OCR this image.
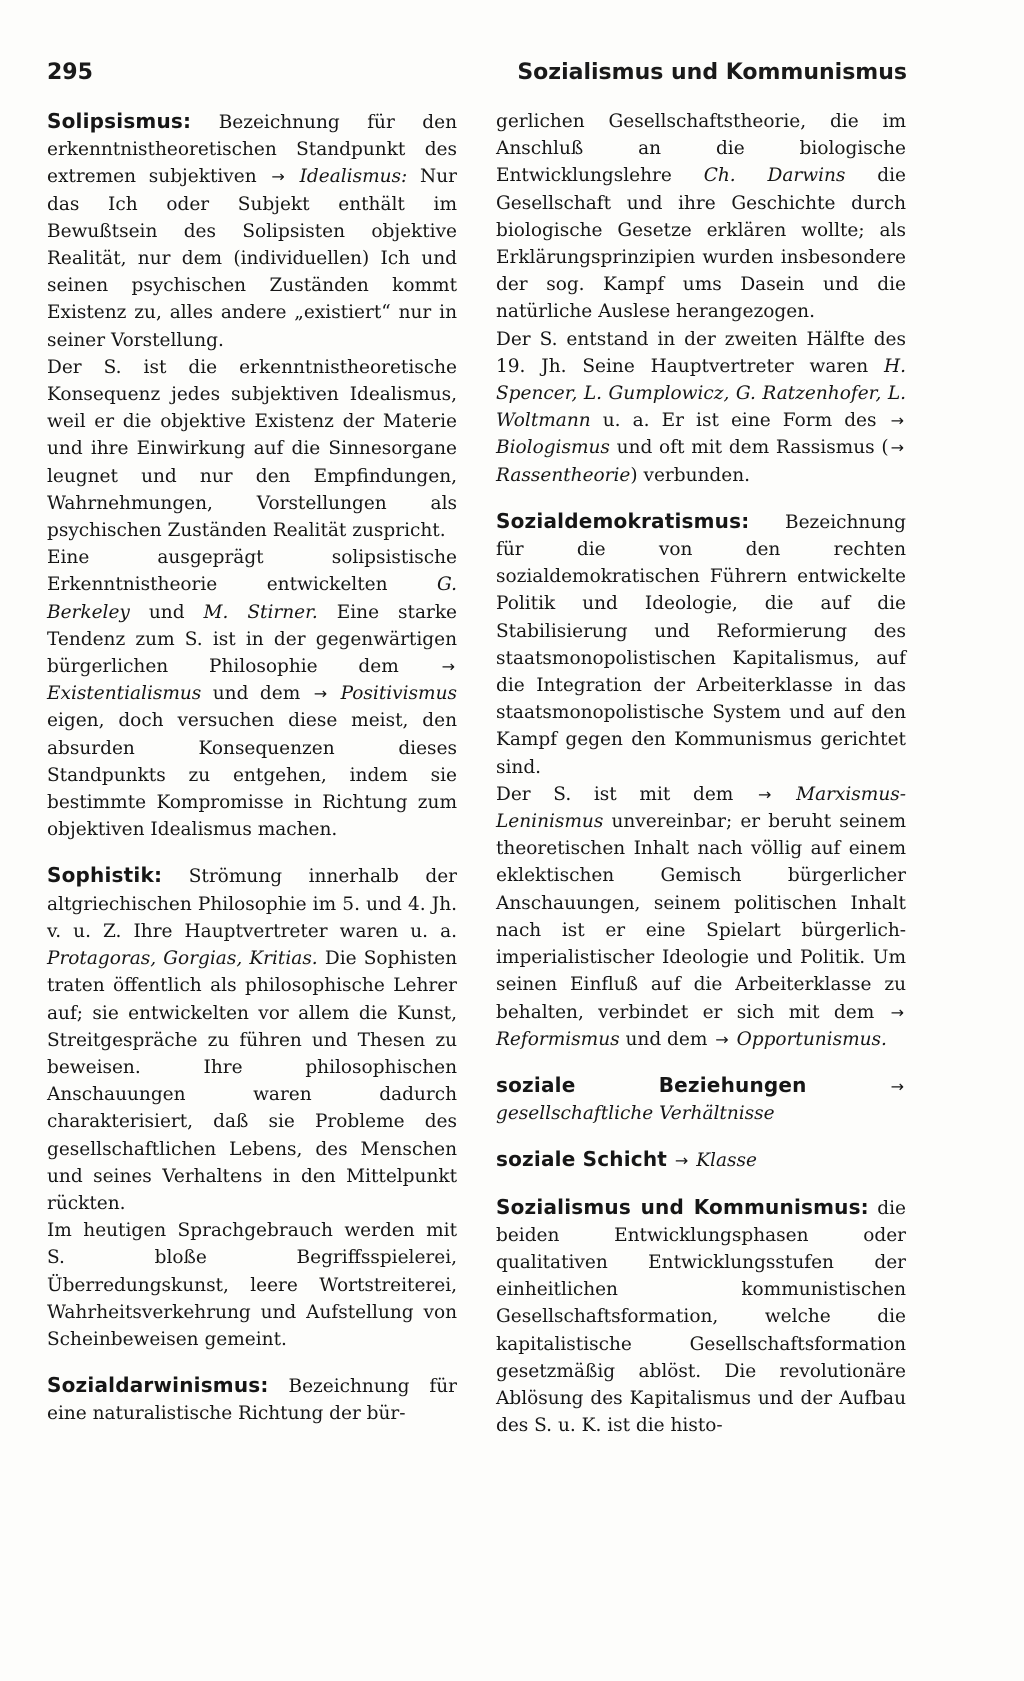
295	Sozialismus und Kommunismus

Solipsismus: Bezeichnung für den erkenntnistheoretischen Standpunkt des extremen subjektiven → Idealismus: Nur das Ich oder Subjekt enthält im Bewußtsein des Solipsisten objektive Realität, nur dem (individuellen) Ich und seinen psychischen Zuständen kommt Existenz zu, alles andere „existiert“ nur in seiner Vorstellung.

Der S. ist die erkenntnistheoretische Konsequenz jedes subjektiven Idealismus, weil er die objektive Existenz der Materie und ihre Einwirkung auf die Sinnesorgane leugnet und nur den Empfindungen, Wahrnehmungen, Vorstellungen als psychischen Zuständen Realität zuspricht.

Eine ausgeprägt solipsistische Erkenntnistheorie entwickelten G. Berkeley und M. Stirner. Eine starke Tendenz zum S. ist in der gegenwärtigen bürgerlichen Philosophie dem → Existentialismus und dem → Positivismus eigen, doch versuchen diese meist, den absurden Konsequenzen dieses Standpunkts zu entgehen, indem sie bestimmte Kompromisse in Richtung zum objektiven Idealismus machen.

Sophistik: Strömung innerhalb der altgriechischen Philosophie im 5. und 4. Jh. v. u. Z. Ihre Hauptvertreter waren u. a. Protagoras, Gorgias, Kritias. Die Sophisten traten öffentlich als philosophische Lehrer auf; sie entwickelten vor allem die Kunst, Streitgespräche zu führen und Thesen zu beweisen. Ihre philosophischen Anschauungen waren dadurch charakterisiert, daß sie Probleme des gesellschaftlichen Lebens, des Menschen und seines Verhaltens in den Mittelpunkt rückten.

Im heutigen Sprachgebrauch werden mit S. bloße Begriffsspielerei, Überredungskunst, leere Wortstreiterei, Wahrheitsverkehrung und Aufstellung von Scheinbeweisen gemeint.

Sozialdarwinismus: Bezeichnung für eine naturalistische Richtung der bür-

gerlichen Gesellschaftstheorie, die im Anschluß an die biologische Entwicklungslehre Ch. Darwins die Gesellschaft und ihre Geschichte durch biologische Gesetze erklären wollte; als Erklärungsprinzipien wurden insbesondere der sog. Kampf ums Dasein und die natürliche Auslese herangezogen.

Der S. entstand in der zweiten Hälfte des 19. Jh. Seine Hauptvertreter waren H. Spencer, L. Gumplowicz, G. Ratzenhofer, L. Woltmann u. a. Er ist eine Form des → Biologismus und oft mit dem Rassismus ( → Rassentheorie) verbunden.

Sozialdemokratismus: Bezeichnung für die von den rechten sozialdemokratischen Führern entwickelte Politik und Ideologie, die auf die Stabilisierung und Reformierung des staatsmonopolistischen Kapitalismus, auf die Integration der Arbeiterklasse in das staatsmonopolistische System und auf den Kampf gegen den Kommunismus gerichtet sind.

Der S. ist mit dem → Marxismus-Leninismus unvereinbar; er beruht seinem theoretischen Inhalt nach völlig auf einem eklektischen Gemisch bürgerlicher Anschauungen, seinem politischen Inhalt nach ist er eine Spielart bürgerlich-imperialistischer Ideologie und Politik. Um seinen Einfluß auf die Arbeiterklasse zu behalten, verbindet er sich mit dem → Reformismus und dem → Opportunismus.

soziale Beziehungen	→ gesellschaftliche Verhältnisse

soziale Schicht → Klasse

Sozialismus und Kommunismus: die beiden Entwicklungsphasen oder qualitativen Entwicklungsstufen der einheitlichen kommunistischen Gesellschaftsformation, welche die kapitalistische Gesellschaftsformation gesetzmäßig ablöst. Die revolutionäre Ablösung des Kapitalismus und der Aufbau des S. u. K. ist die histo-
